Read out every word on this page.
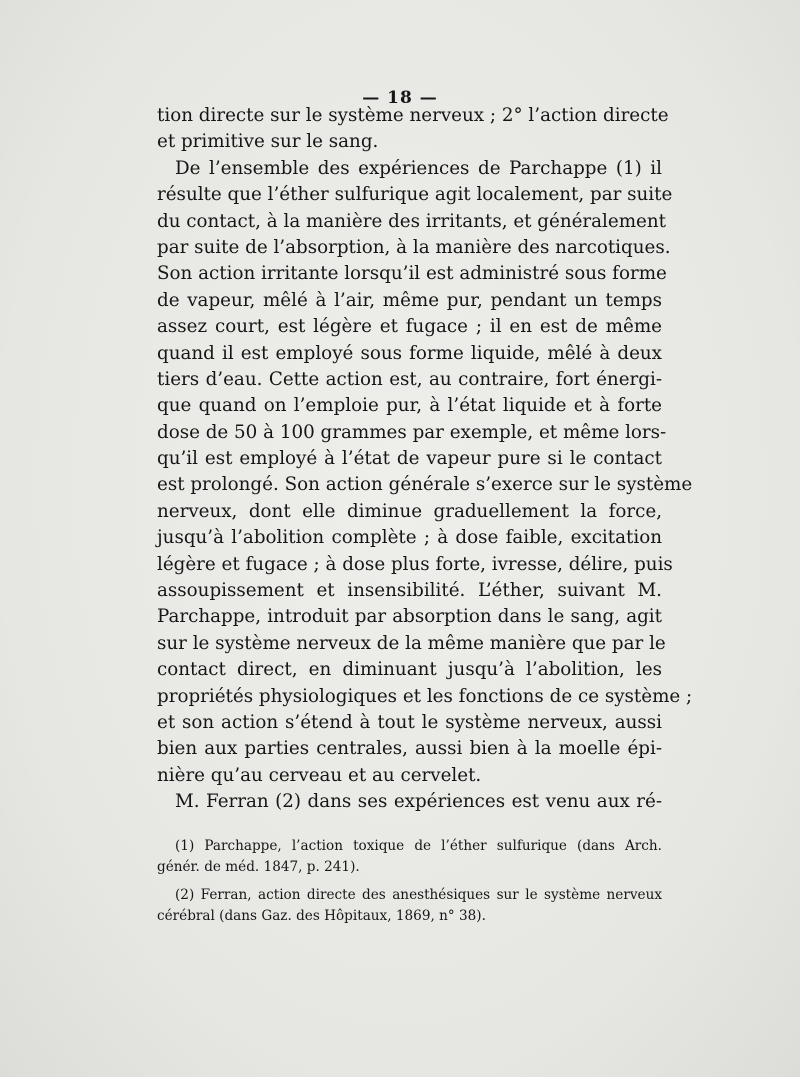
— 18 —
tion directe sur le système nerveux ; 2° l’action directe
et primitive sur le sang.
De l’ensemble des expériences de Parchappe (1) il
résulte que l’éther sulfurique agit localement, par suite
du contact, à la manière des irritants, et généralement
par suite de l’absorption, à la manière des narcotiques.
Son action irritante lorsqu’il est administré sous forme
de vapeur, mêlé à l’air, même pur, pendant un temps
assez court, est légère et fugace ; il en est de même
quand il est employé sous forme liquide, mêlé à deux
tiers d’eau. Cette action est, au contraire, fort énergi-
que quand on l’emploie pur, à l’état liquide et à forte
dose de 50 à 100 grammes par exemple, et même lors-
qu’il est employé à l’état de vapeur pure si le contact
est prolongé. Son action générale s’exerce sur le système
nerveux, dont elle diminue graduellement la force,
jusqu’à l’abolition complète ; à dose faible, excitation
légère et fugace ; à dose plus forte, ivresse, délire, puis
assoupissement et insensibilité. L’éther, suivant M.
Parchappe, introduit par absorption dans le sang, agit
sur le système nerveux de la même manière que par le
contact direct, en diminuant jusqu’à l’abolition, les
propriétés physiologiques et les fonctions de ce système ;
et son action s’étend à tout le système nerveux, aussi
bien aux parties centrales, aussi bien à la moelle épi-
nière qu’au cerveau et au cervelet.
M. Ferran (2) dans ses expériences est venu aux ré-
(1) Parchappe, l’action toxique de l’éther sulfurique (dans Arch.
génér. de méd. 1847, p. 241).
(2) Ferran, action directe des anesthésiques sur le système nerveux
cérébral (dans Gaz. des Hôpitaux, 1869, n° 38).
